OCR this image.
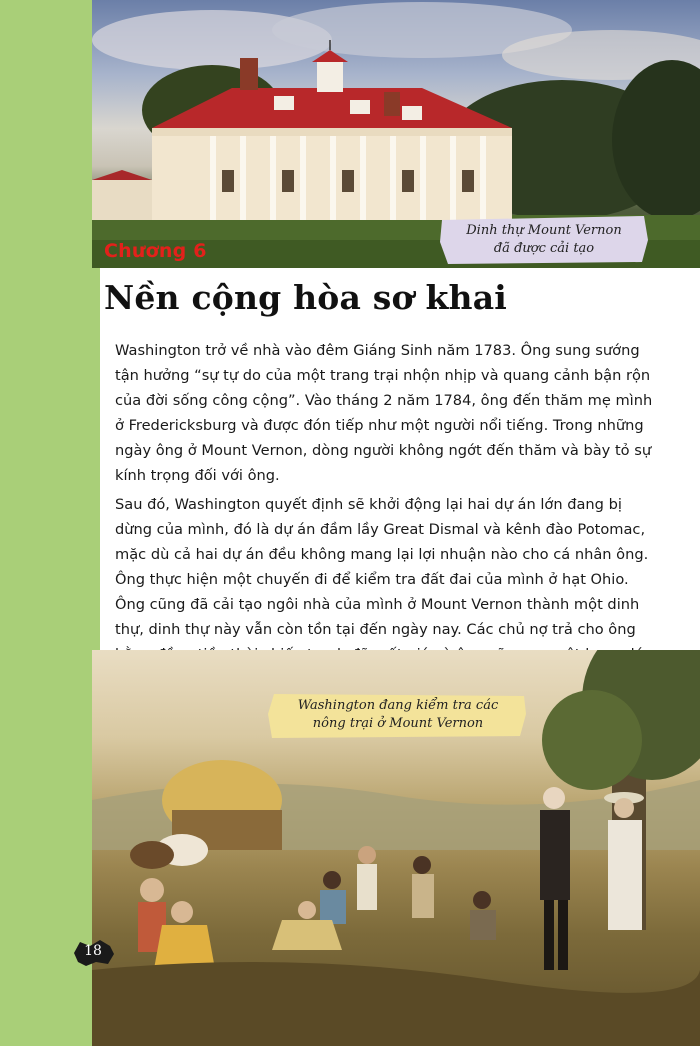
Chương 6
Dinh thự Mount Vernon
đã được cải tạo
Nền cộng hòa sơ khai

Washington trở về nhà vào đêm Giáng Sinh năm 1783. Ông sung sướng tận hưởng “sự tự do của một trang trại nhộn nhịp và quang cảnh bận rộn của đời sống công cộng”. Vào tháng 2 năm 1784, ông đến thăm mẹ mình ở Fredericksburg và được đón tiếp như một người nổi tiếng. Trong những ngày ông ở Mount Vernon, dòng người không ngớt đến thăm và bày tỏ sự kính trọng đối với ông.

Sau đó, Washington quyết định sẽ khởi động lại hai dự án lớn đang bị dừng của mình, đó là dự án đầm lầy Great Dismal và kênh đào Potomac, mặc dù cả hai dự án đều không mang lại lợi nhuận nào cho cá nhân ông. Ông thực hiện một chuyến đi để kiểm tra đất đai của mình ở hạt Ohio. Ông cũng đã cải tạo ngôi nhà của mình ở Mount Vernon thành một dinh thự, dinh thự này vẫn còn tồn tại đến ngày nay. Các chủ nợ trả cho ông

Washington đang kiểm tra các
nông trại ở Mount Vernon
18
